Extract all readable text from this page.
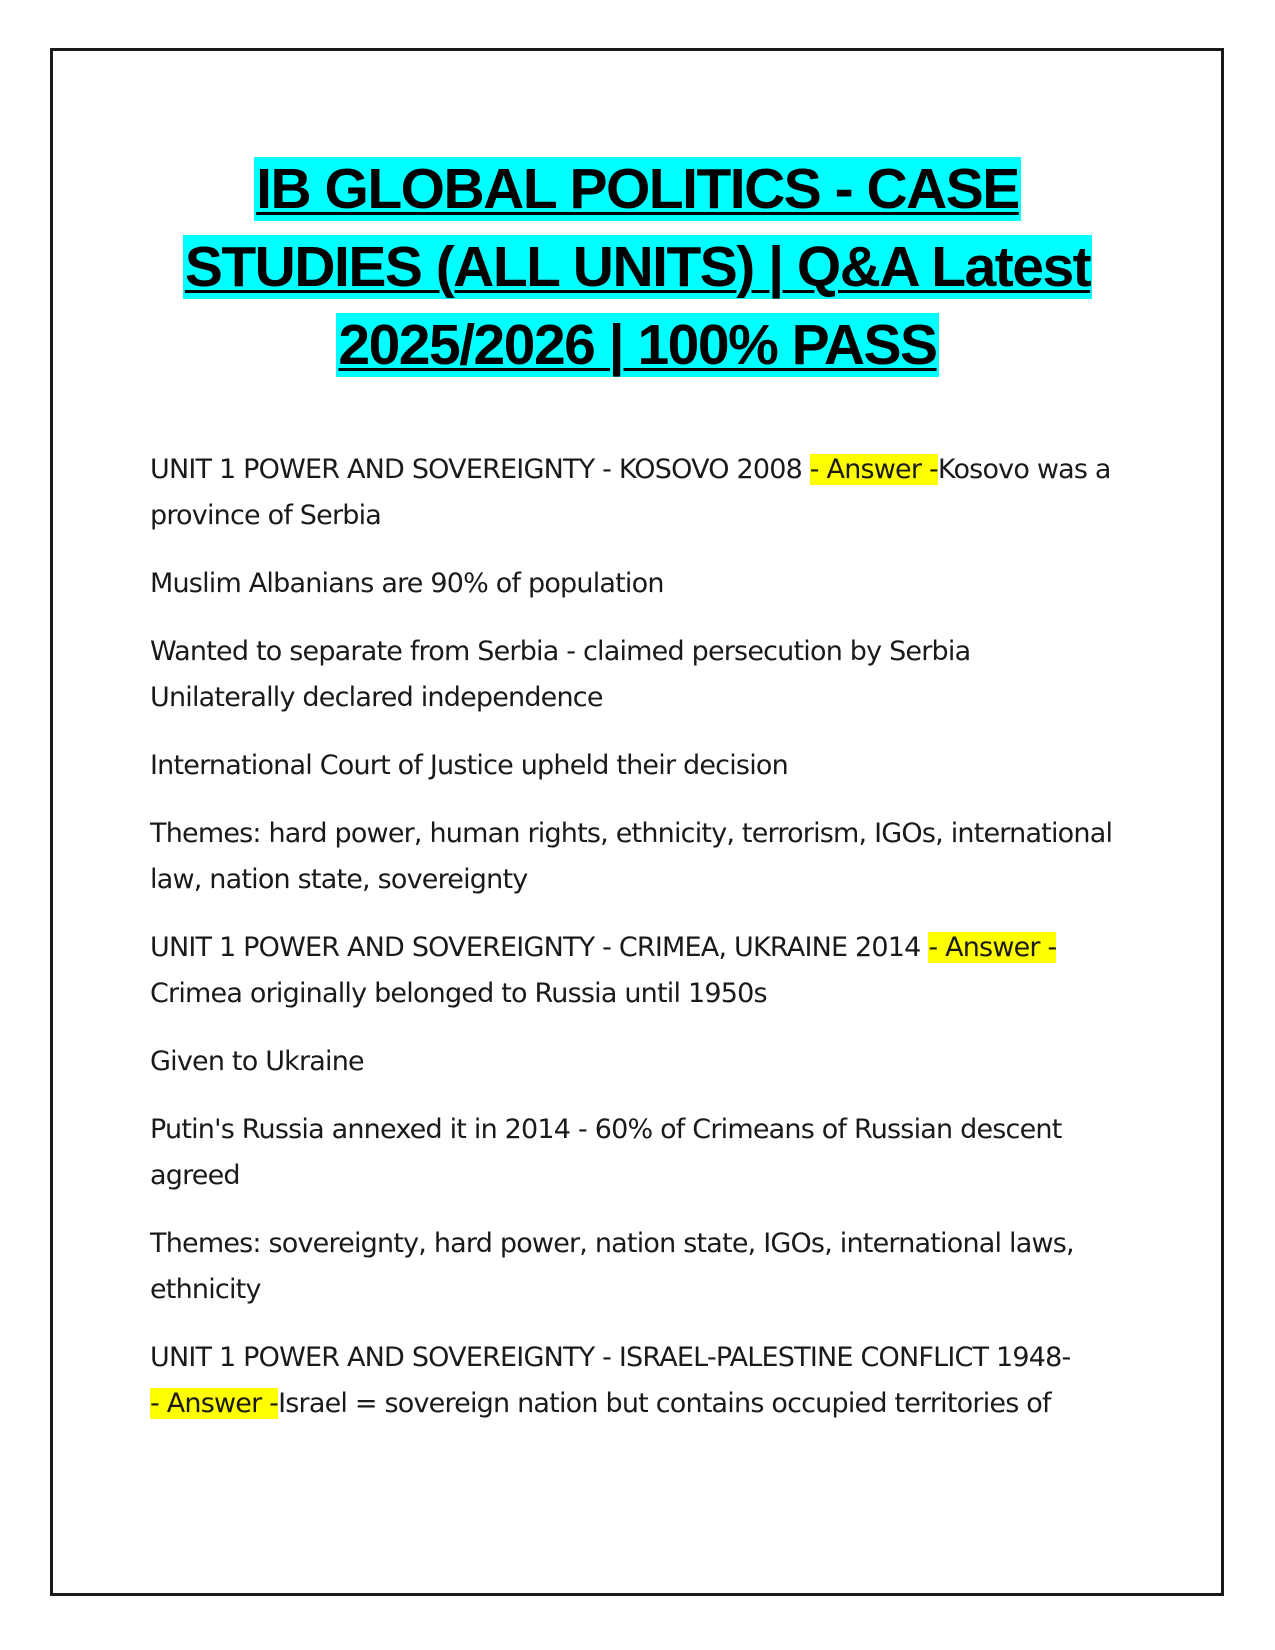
IB GLOBAL POLITICS - CASE
STUDIES (ALL UNITS) | Q&A Latest
2025/2026 | 100% PASS

UNIT 1 POWER AND SOVEREIGNTY - KOSOVO 2008 - Answer -Kosovo was a province of Serbia

Muslim Albanians are 90% of population

Wanted to separate from Serbia - claimed persecution by Serbia
Unilaterally declared independence

International Court of Justice upheld their decision

Themes: hard power, human rights, ethnicity, terrorism, IGOs, international law, nation state, sovereignty

UNIT 1 POWER AND SOVEREIGNTY - CRIMEA, UKRAINE 2014 - Answer -
Crimea originally belonged to Russia until 1950s

Given to Ukraine

Putin's Russia annexed it in 2014 - 60% of Crimeans of Russian descent agreed

Themes: sovereignty, hard power, nation state, IGOs, international laws, ethnicity

UNIT 1 POWER AND SOVEREIGNTY - ISRAEL-PALESTINE CONFLICT 1948-
- Answer -Israel = sovereign nation but contains occupied territories of
